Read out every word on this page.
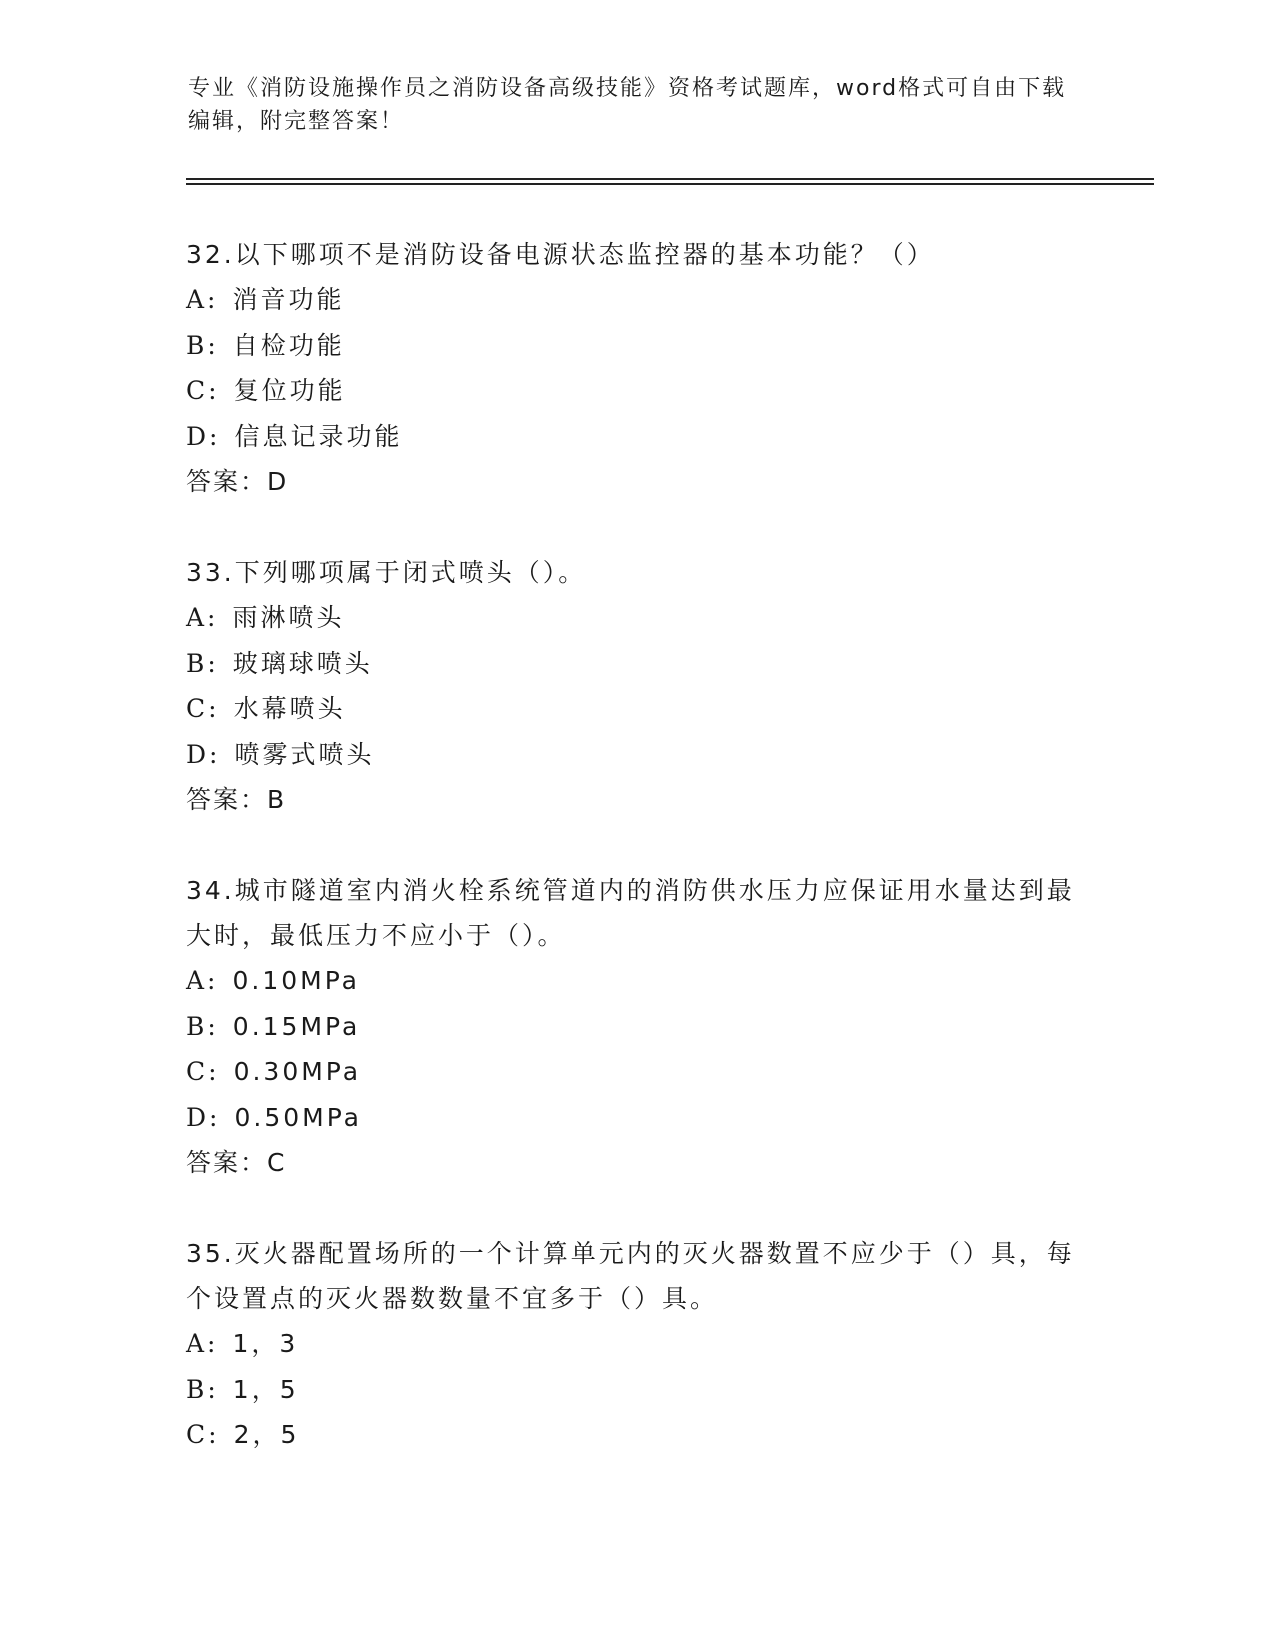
专业《消防设施操作员之消防设备高级技能》资格考试题库，word格式可自由下载编辑，附完整答案！

32.以下哪项不是消防设备电源状态监控器的基本功能？（）

A: 消音功能
B: 自检功能
C: 复位功能
D: 信息记录功能

答案：D

33.下列哪项属于闭式喷头（）。

A: 雨淋喷头
B: 玻璃球喷头
C: 水幕喷头
D: 喷雾式喷头

答案：B

34.城市隧道室内消火栓系统管道内的消防供水压力应保证用水量达到最大时，最低压力不应小于（）。

A: 0.10MPa
B: 0.15MPa
C: 0.30MPa
D: 0.50MPa

答案：C

35.灭火器配置场所的一个计算单元内的灭火器数置不应少于（）具，每个设置点的灭火器数数量不宜多于（）具。

A: 1，3
B: 1，5
C: 2，5
